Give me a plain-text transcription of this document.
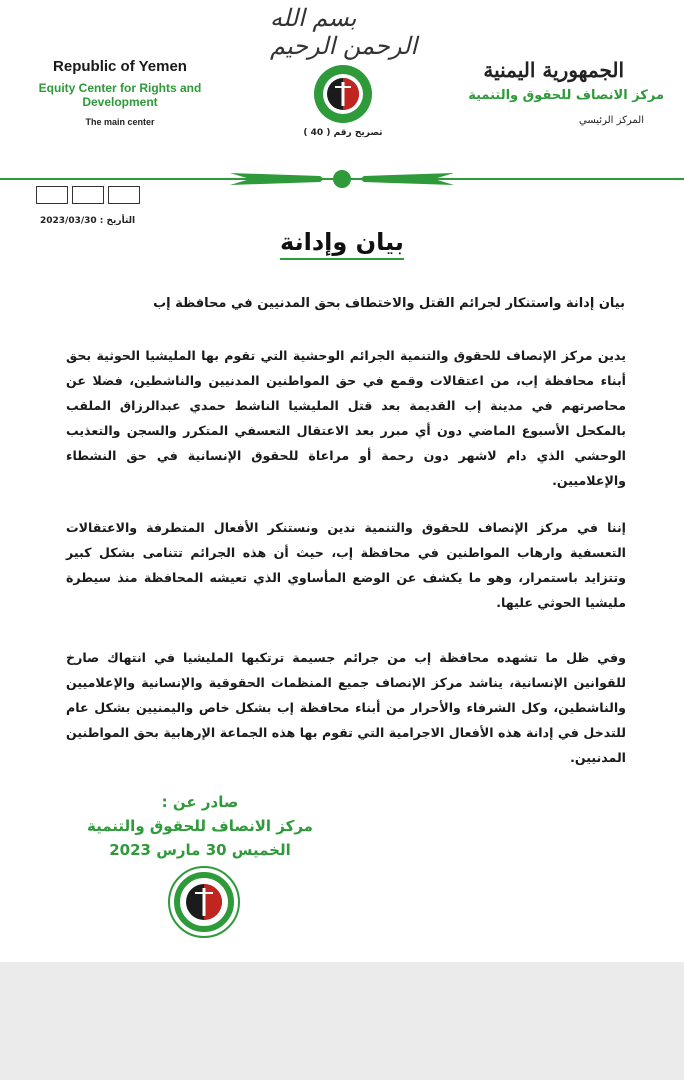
بسم الله الرحمن الرحيم
Republic of Yemen
Equity Center for Rights and Development
The main center
تصريح رقم ( 40 )
الجمهورية اليمنية
مركز الانصاف للحقوق والتنمية
المركز الرئيسي
التأريخ : 2023/03/30
بيان وإدانة
بيان إدانة واستنكار لجرائم القتل والاختطاف بحق المدنيين في محافظة إب
يدين مركز الإنصاف للحقوق والتنمية الجرائم الوحشية التي تقوم بها المليشيا الحوثية بحق أبناء محافظة إب، من اعتقالات وقمع في حق المواطنين المدنيين والناشطين، فضلا عن محاصرتهم في مدينة إب القديمة بعد قتل المليشيا الناشط حمدي عبدالرزاق الملقب بالمكحل الأسبوع الماضي دون أي مبرر بعد الاعتقال التعسفي المتكرر والسجن والتعذيب الوحشي الذي دام لاشهر دون رحمة أو مراعاة للحقوق الإنسانية في حق النشطاء والإعلاميين.
إننا في مركز الإنصاف للحقوق والتنمية ندين ونستنكر الأفعال المتطرفة والاعتقالات التعسفية وارهاب المواطنين في محافظة إب، حيث أن هذه الجرائم تتنامى بشكل كبير وتتزايد باستمرار، وهو ما يكشف عن الوضع المأساوي الذي تعيشه المحافظة منذ سيطرة مليشيا الحوثي عليها.
وفي ظل ما تشهده محافظة إب من جرائم جسيمة ترتكبها المليشيا في انتهاك صارخ للقوانين الإنسانية، يناشد مركز الإنصاف جميع المنظمات الحقوقية والإنسانية والإعلاميين والناشطين، وكل الشرفاء والأحرار من أبناء محافظة إب بشكل خاص واليمنيين بشكل عام للتدخل في إدانة هذه الأفعال الاجرامية التي تقوم بها هذه الجماعة الإرهابية بحق المواطنين المدنيين.
صادر عن :
مركز الانصاف للحقوق والتنمية
الخميس 30 مارس 2023
